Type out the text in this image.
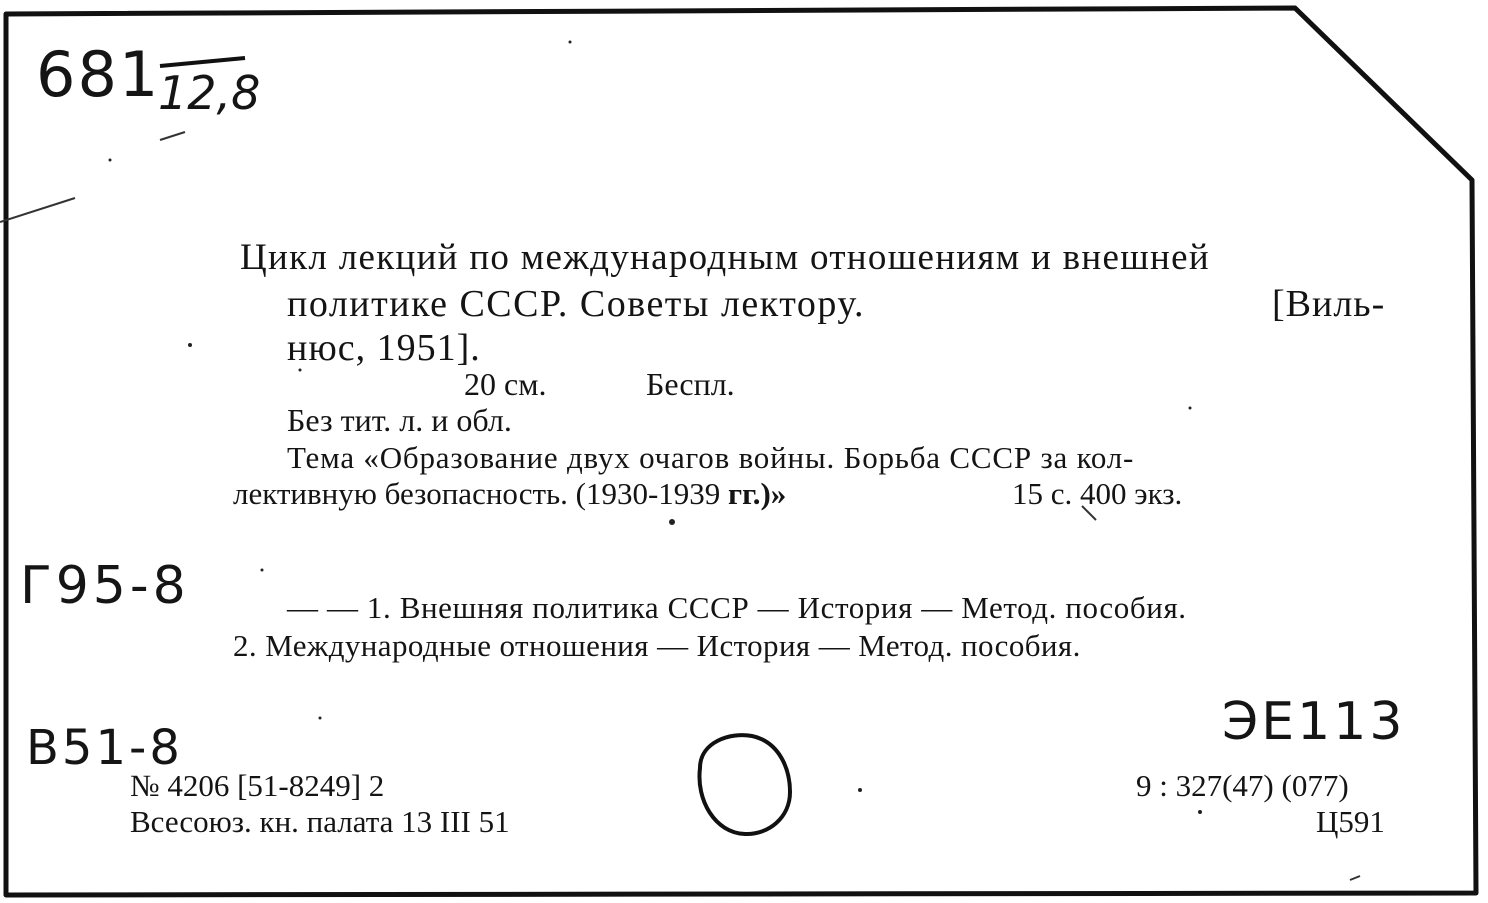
681
12,8
Г95-8
В51-8	ЭЕ113
Цикл лекций по международным отношениям и внешней
политике СССР. Советы лектору.	[Виль-
нюс, 1951].
20 см.	Беспл.
Без тит. л. и обл.
Тема «Образование двух очагов войны. Борьба СССР за кол-
лективную безопасность. (1930-1939 гг.)»	15 с. 400 экз.
— — 1. Внешняя политика СССР — История — Метод. пособия.
2. Международные отношения — История — Метод. пособия.
№ 4206 [51-8249] 2
Всесоюз. кн. палата 13 III 51
9 : 327(47) (077)
Ц591
